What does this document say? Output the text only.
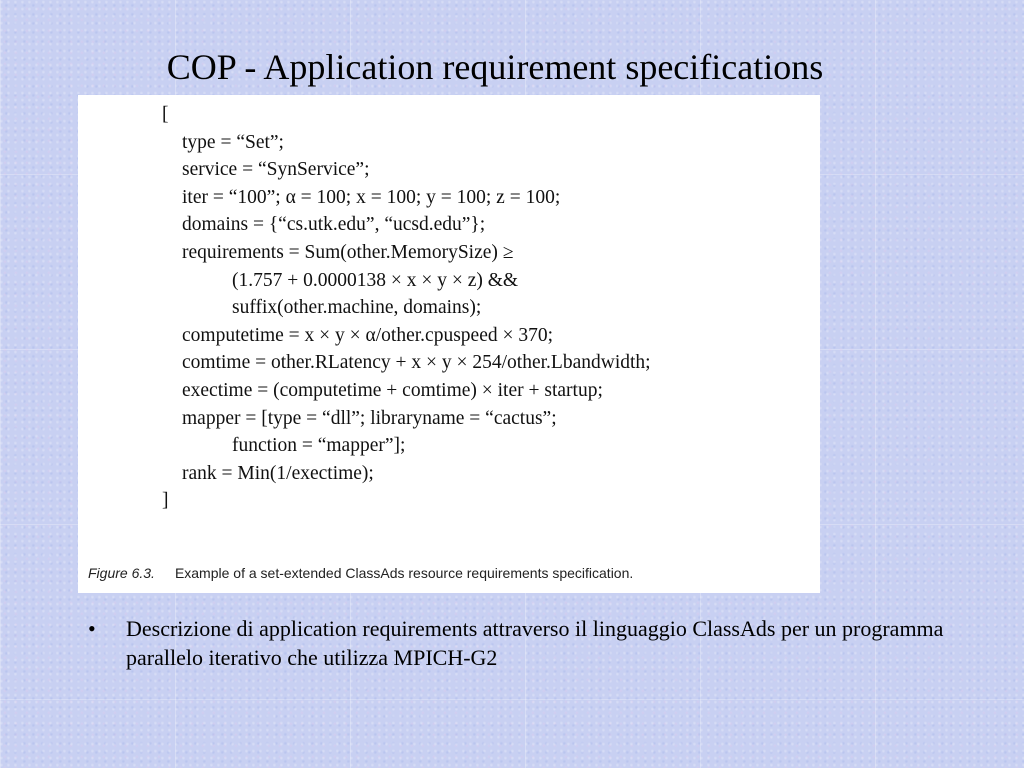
COP - Application requirement specifications
[
type = “Set”;
service = “SynService”;
iter = “100”; α = 100; x = 100; y = 100; z = 100;
domains = {“cs.utk.edu”, “ucsd.edu”};
requirements = Sum(other.MemorySize) ≥
(1.757 + 0.0000138 × x × y × z) &&
suffix(other.machine, domains);
computetime = x × y × α/other.cpuspeed × 370;
comtime = other.RLatency + x × y × 254/other.Lbandwidth;
exectime = (computetime + comtime) × iter + startup;
mapper = [type = “dll”; libraryname = “cactus”;
function = “mapper”];
rank = Min(1/exectime);
]
Figure 6.3. Example of a set-extended ClassAds resource requirements specification.
•	Descrizione di application requirements attraverso il linguaggio ClassAds per un programma parallelo iterativo che utilizza MPICH-G2
